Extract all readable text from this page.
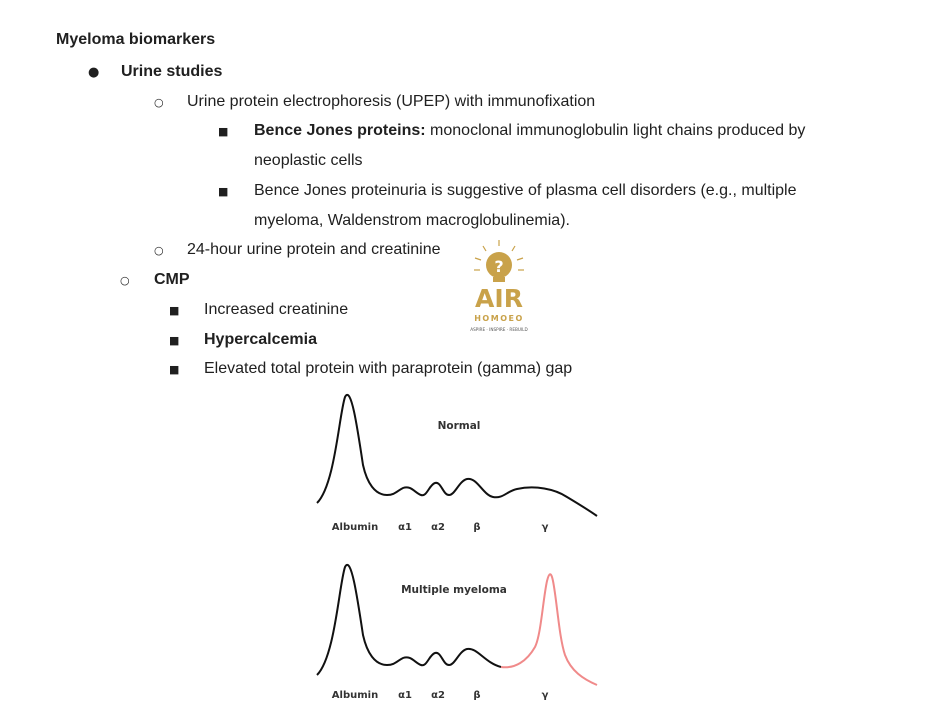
Myeloma biomarkers
● Urine studies
○ Urine protein electrophoresis (UPEP) with immunofixation
■ Bence Jones proteins: monoclonal immunoglobulin light chains produced by
neoplastic cells
■ Bence Jones proteinuria is suggestive of plasma cell disorders (e.g., multiple
myeloma, Waldenstrom macroglobulinemia).
○ 24-hour urine protein and creatinine
○ CMP
■ Increased creatinine
■ Hypercalcemia
■ Elevated total protein with paraprotein (gamma) gap
?
AIR
HOMOEO
ASPIRE · INSPIRE · REBUILD
Normal
Albumin α1 α2	β	γ
Multiple myeloma
Albumin α1 α2	β	γ
